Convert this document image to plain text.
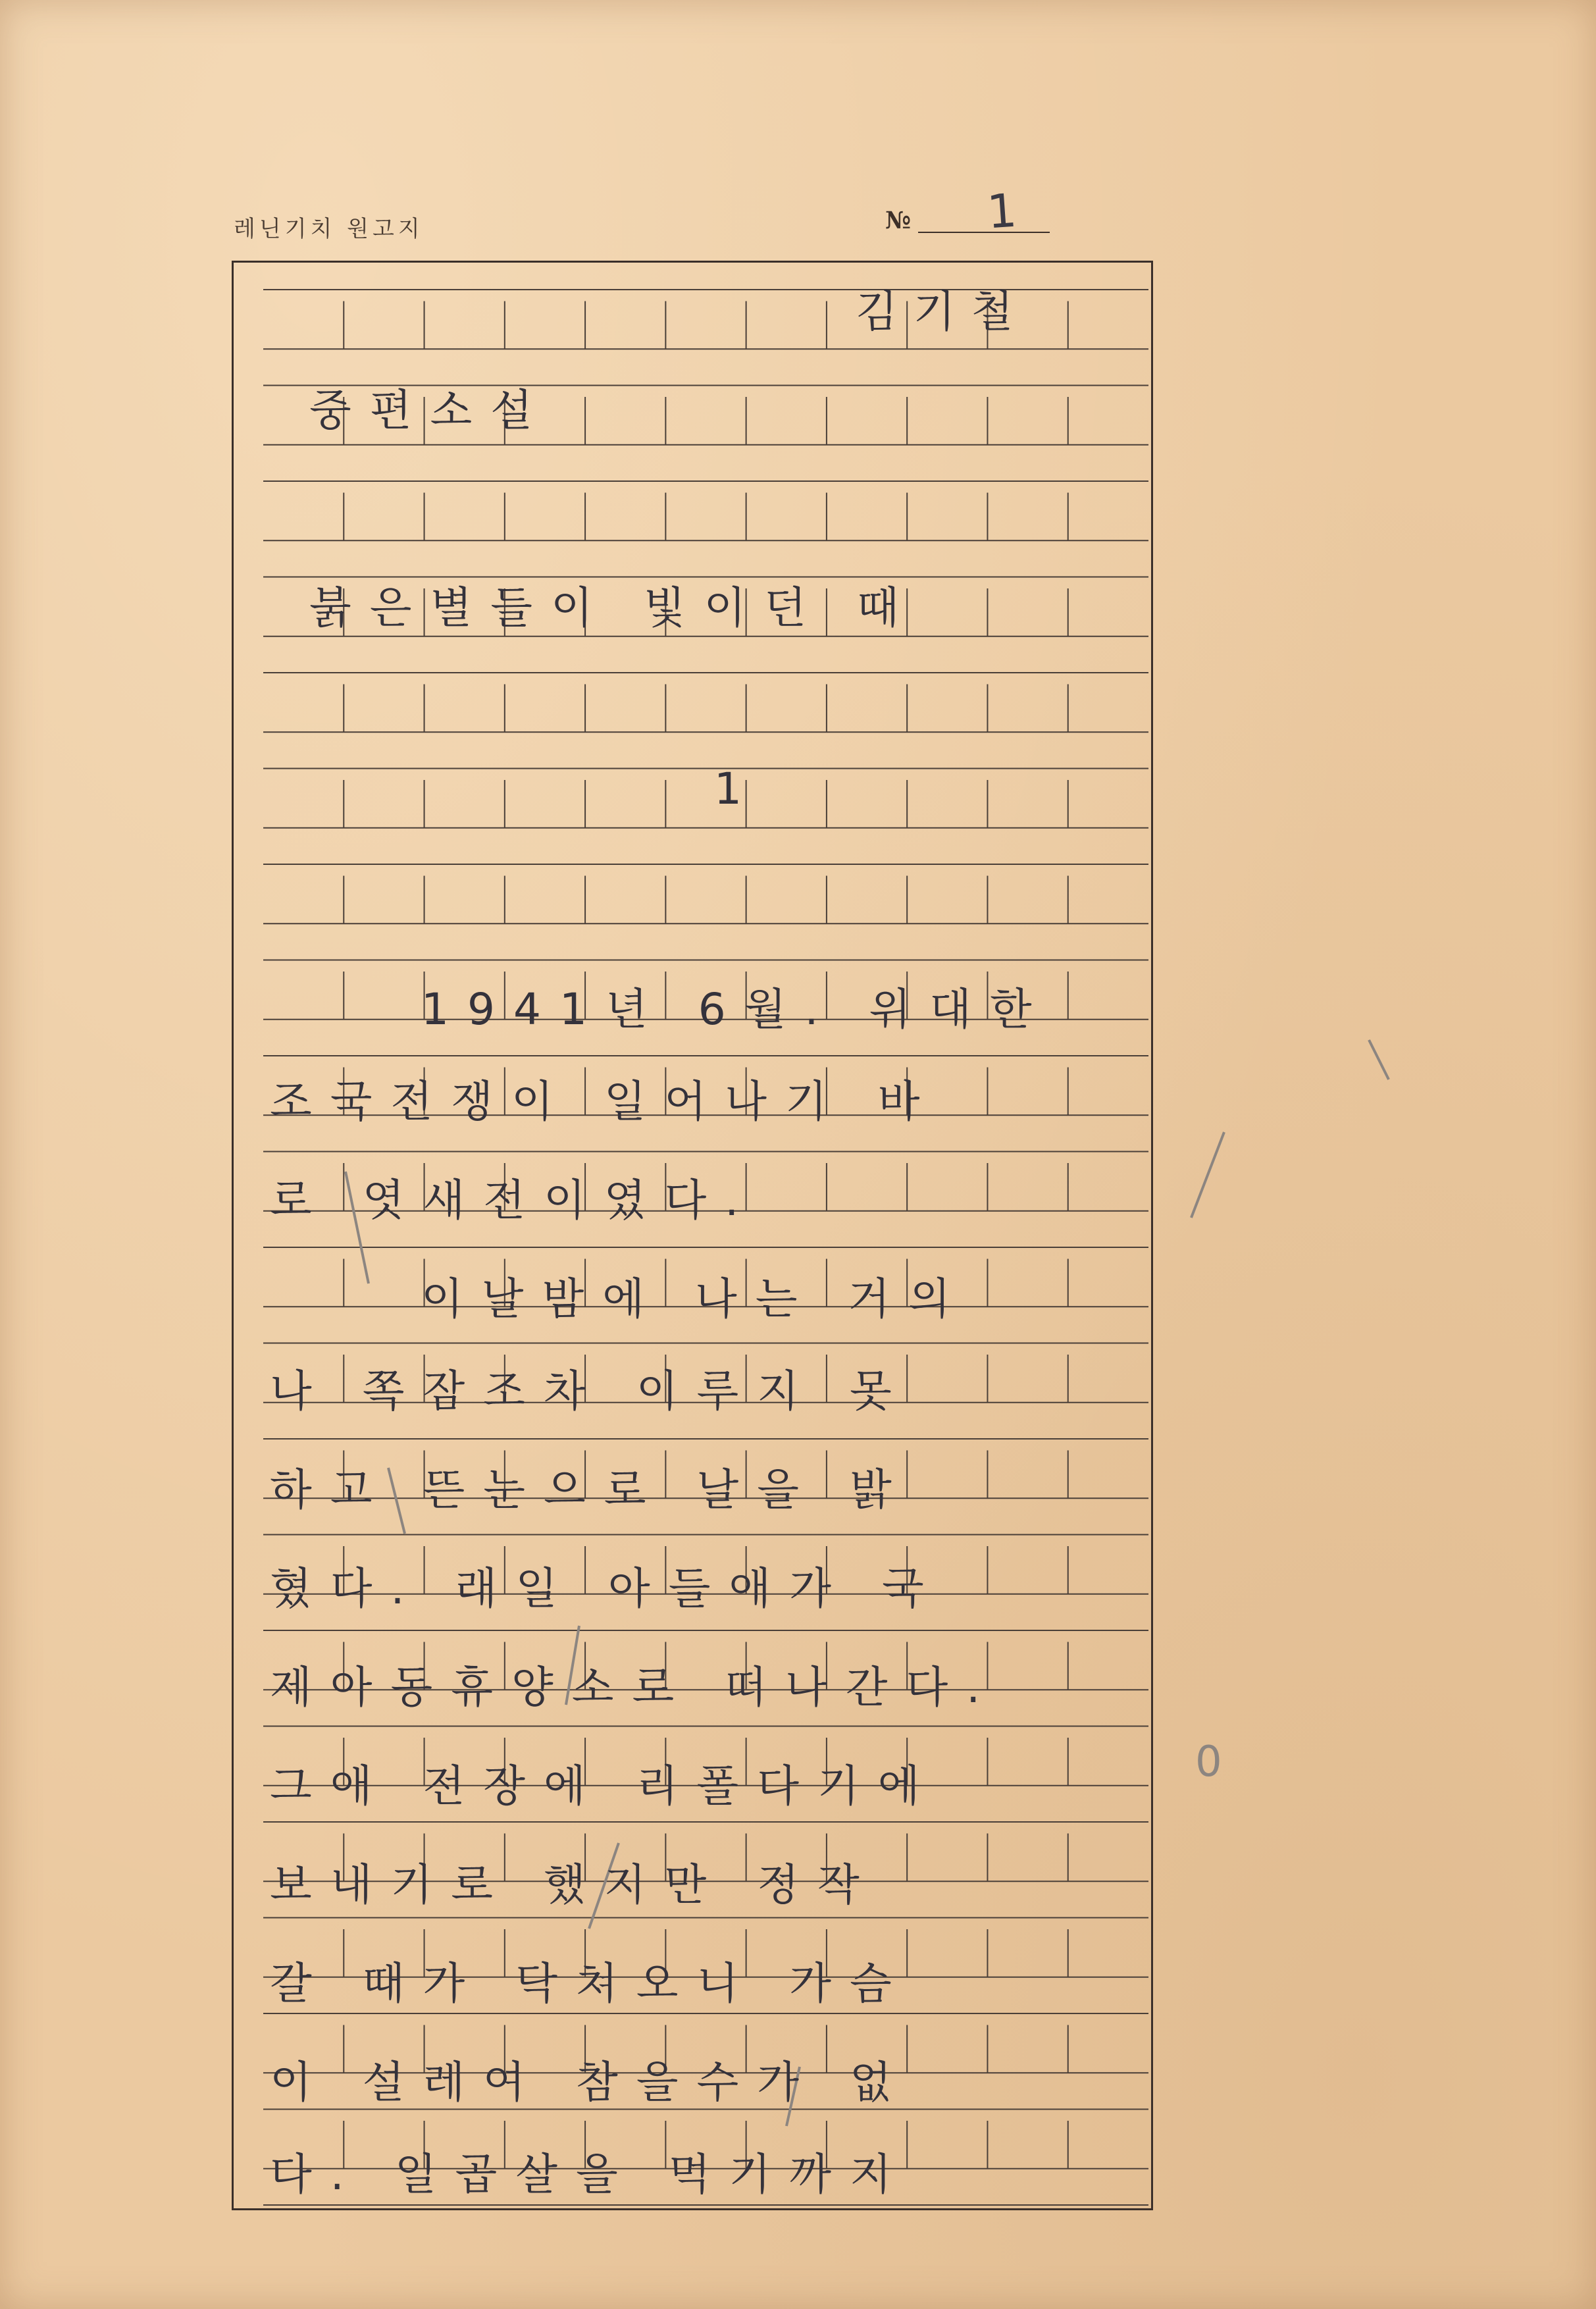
레닌기치 원고지	№ 1
김기철
중편소설
붉은별들이 빛이던 때
1
1941년 6월. 위대한
조국전쟁이 일어나기 바
로 엿새전이였다.
이날밤에 나는 거의
나 쪽잠조차 이루지 못
하고 뜬눈으로 날을 밝
혔다. 래일 아들애가 국
제아동휴양소로 떠나간다.
그애 전장에 리폴다기에
보내기로 했지만 정작
갈 때가 닥쳐오니 가슴
이 설레여 참을수가 없
다. 일곱살을 먹기까지
0
